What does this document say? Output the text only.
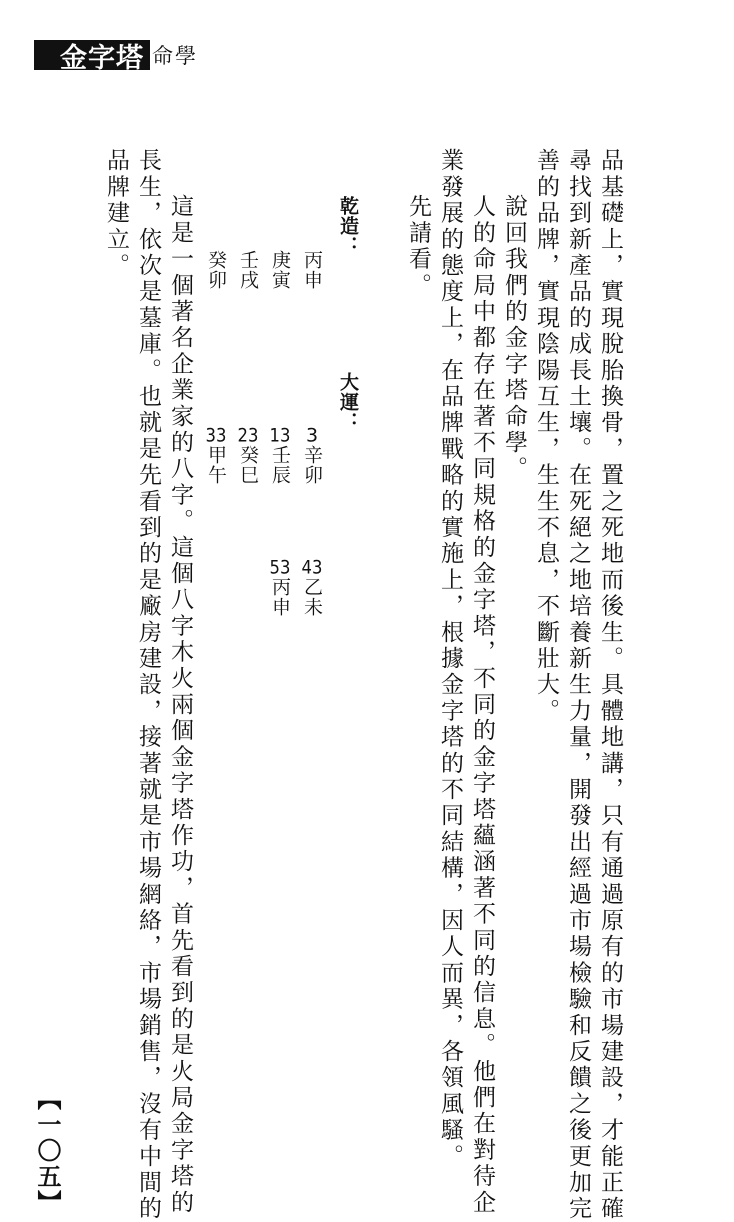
金字塔 命學
品基礎上，實現脫胎換骨，置之死地而後生。具體地講，只有通過原有的市場建設，才能正確
尋找到新產品的成長土壤。在死絕之地培養新生力量，開發出經過市場檢驗和反饋之後更加完
善的品牌，實現陰陽互生，生生不息，不斷壯大。
說回我們的金字塔命學。
人的命局中都存在著不同規格的金字塔，不同的金字塔蘊涵著不同的信息。他們在對待企
業發展的態度上，在品牌戰略的實施上，根據金字塔的不同結構，因人而異，各領風騷。
先請看。
乾造：
大運：
丙申
庚寅
壬戌
癸卯
3辛卯
13壬辰
23癸巳
33甲午
43乙未
53丙申
這是一個著名企業家的八字。這個八字木火兩個金字塔作功，首先看到的是火局金字塔的
長生，依次是墓庫。也就是先看到的是廠房建設，接著就是市場網絡，市場銷售，沒有中間的
品牌建立。
【一〇五】
